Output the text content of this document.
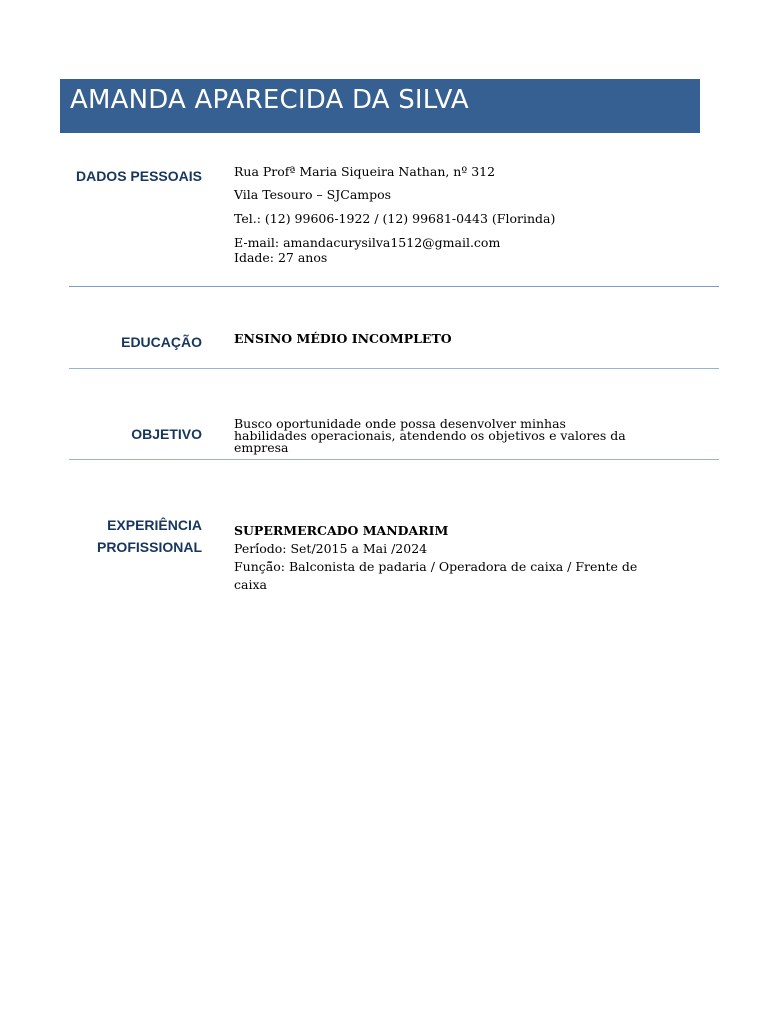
AMANDA APARECIDA DA SILVA
DADOS PESSOAIS	Rua Profª Maria Siqueira Nathan, nº 312
Vila Tesouro – SJCampos
Tel.: (12) 99606-1922 / (12) 99681-0443 (Florinda)
E-mail: amandacurysilva1512@gmail.com
Idade: 27 anos
EDUCAÇÃO	ENSINO MÉDIO INCOMPLETO
OBJETIVO
Busco oportunidade onde possa desenvolver minhas habilidades operacionais, atendendo os objetivos e valores da empresa
EXPERIÊNCIA
PROFISSIONAL
SUPERMERCADO MANDARIM
Perí́odo: Set/2015 a Mai /2024
Funçã̃o: Balconista de padaria / Operadora de caixa / Frente de
caixa
